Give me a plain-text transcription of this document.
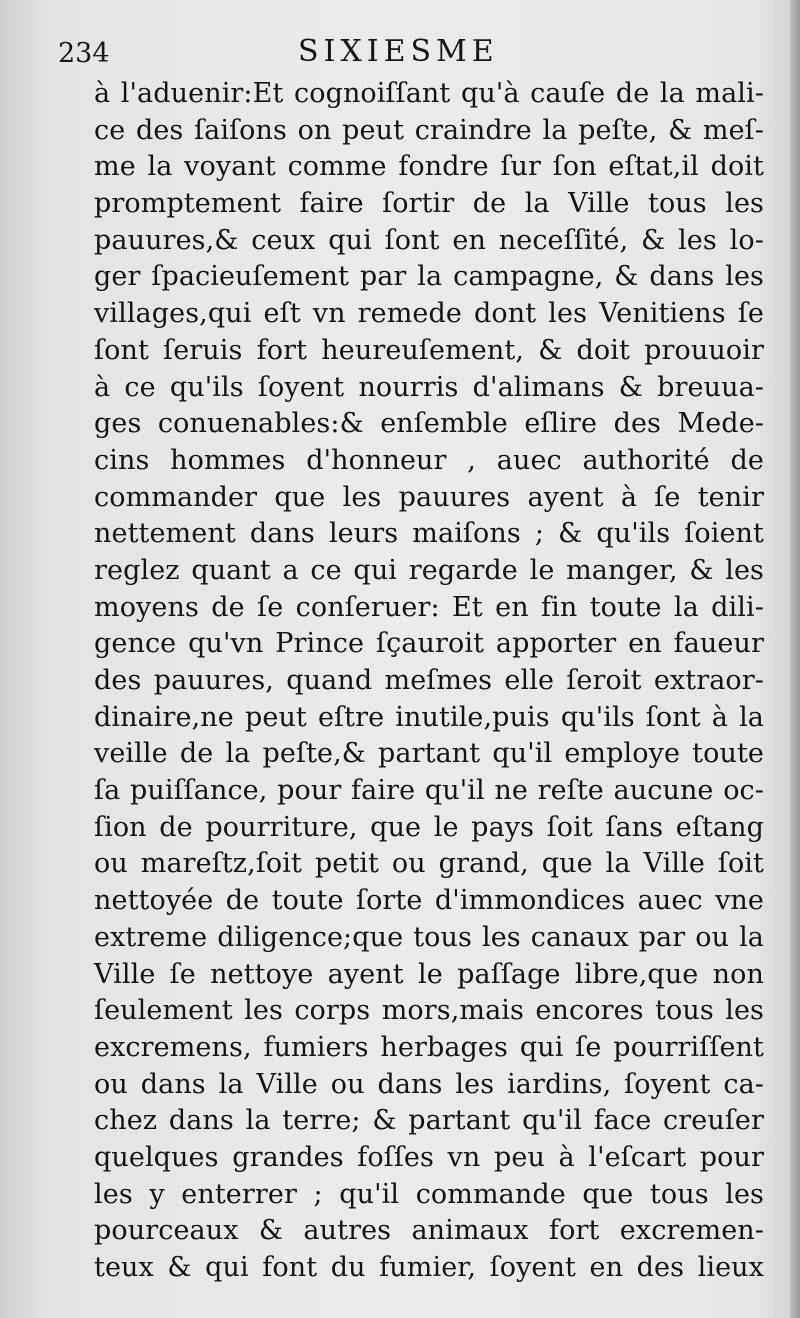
234	SIXIESME
à l'aduenir:Et cognoiſſant qu'à cauſe de la mali-
ce des ſaiſons on peut craindre la peſte, & meſ-
me la voyant comme fondre ſur ſon eſtat,il doit
promptement faire ſortir de la Ville tous les
pauures,& ceux qui ſont en neceſſité, & les lo-
ger ſpacieuſement par la campagne, & dans les
villages,qui eſt vn remede dont les Venitiens ſe
ſont ſeruis fort heureuſement, & doit prouuoir
à ce qu'ils ſoyent nourris d'alimans & breuua-
ges conuenables:& enſemble eſlire des Mede-
cins hommes d'honneur , auec authorité de
commander que les pauures ayent à ſe tenir
nettement dans leurs maiſons ; & qu'ils ſoient
reglez quant a ce qui regarde le manger, & les
moyens de ſe conſeruer: Et en fin toute la dili-
gence qu'vn Prince ſçauroit apporter en fauеur
des pauures, quand meſmes elle ſeroit extraor-
dinaire,ne peut eſtre inutile,puis qu'ils ſont à la
veille de la peſte,& partant qu'il employe toute
ſa puiſſance, pour faire qu'il ne reſte aucune oc-
ſion de pourriture, que le pays ſoit ſans eſtang
ou mareſtz,ſoit petit ou grand, que la Ville ſoit
nettoyée de toute ſorte d'immondices auec vne
extreme diligence;que tous les canaux par ou la
Ville ſe nettoye ayent le paſſage libre,que non
ſeulement les corps mors,mais encores tous les
excremens, fumiers herbages qui ſe pourriſſent
ou dans la Ville ou dans les iardins, ſoyent ca-
chez dans la terre; & partant qu'il face creuſer
quelques grandes foſſes vn peu à l'eſcart pour
les y enterrer ; qu'il commande que tous les
pourceaux & autres animaux fort excremen-
teux & qui font du fumier, ſoyent en des lieux
